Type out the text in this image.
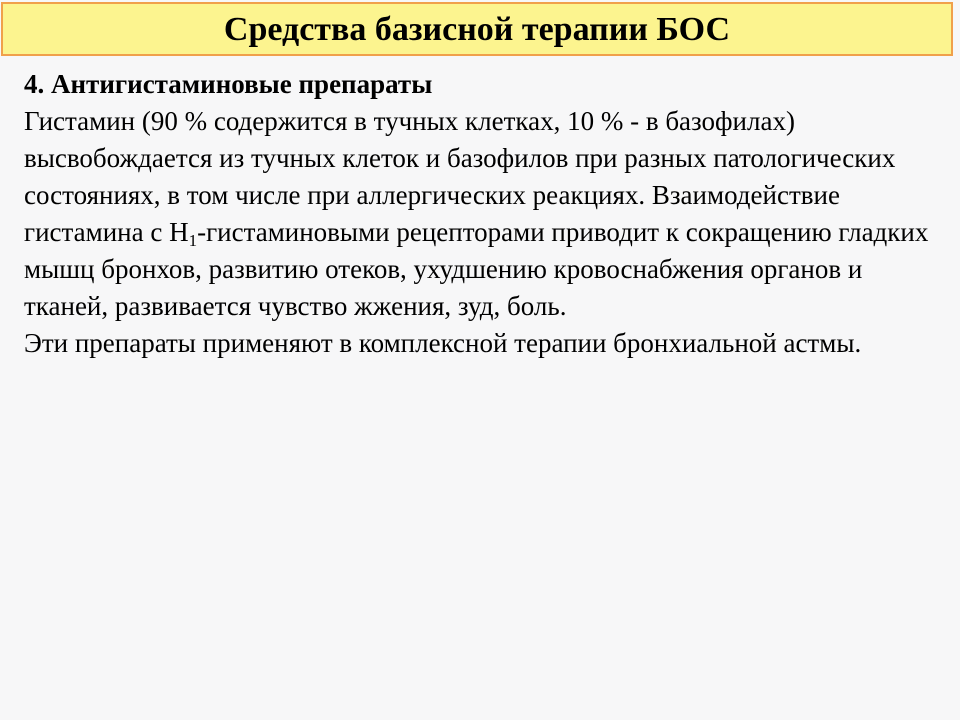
Средства базисной терапии БОС

4. Антигистаминовые препараты

Гистамин (90 % содержится в тучных клетках, 10 % - в базофилах) высвобождается из тучных клеток и базофилов при разных патологических состояниях, в том числе при аллергических реакциях. Взаимодействие гистамина с $Н_1$-гистаминовыми рецепторами приводит к сокращению гладких мышц бронхов, развитию отеков, ухудшению кровоснабжения органов и тканей, развивается чувство жжения, зуд, боль.

Эти препараты применяют в комплексной терапии бронхиальной астмы.
